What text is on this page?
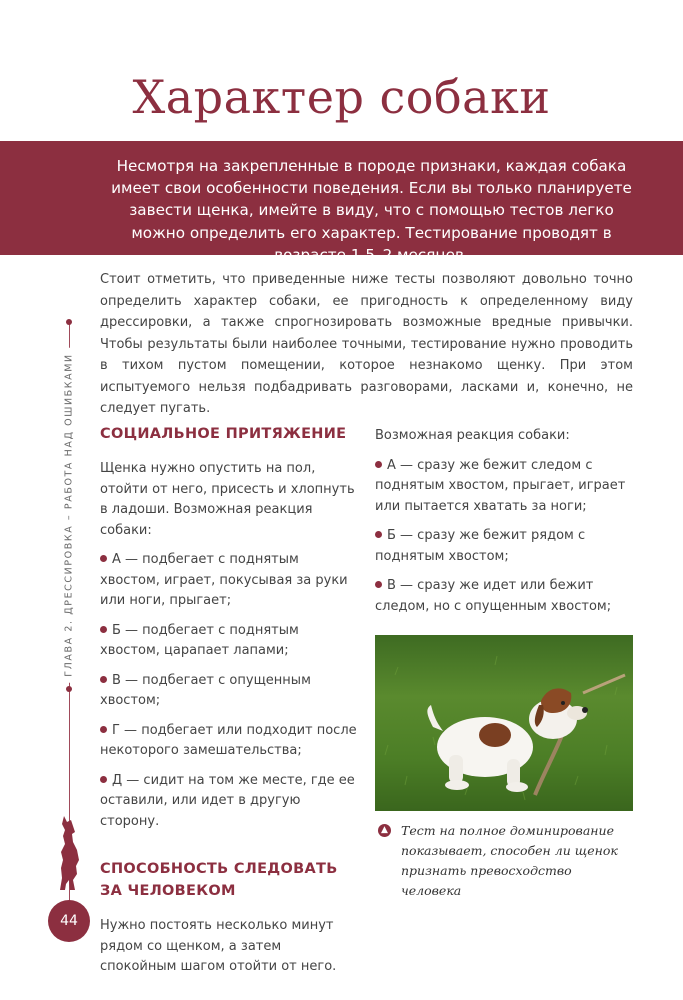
Характер собаки

Несмотря на закрепленные в породе признаки, каждая собака имеет свои особенности поведения. Если вы только планируете завести щенка, имейте в виду, что с помощью тестов легко можно определить его характер. Тестирование проводят в возрасте 1,5–2 месяцев.

ГЛАВА 2. ДРЕССИРОВКА – РАБОТА НАД ОШИБКАМИ
44

Стоит отметить, что приведенные ниже тесты позволяют довольно точно определить характер собаки, ее пригодность к определенному виду дрессировки, а также спрогнозировать возможные вредные привычки. Чтобы результаты были наиболее точными, тестирование нужно проводить в тихом пустом помещении, которое незнакомо щенку. При этом испытуемого нельзя подбадривать разговорами, ласками и, конечно, не следует пугать.

СОЦИАЛЬНОЕ ПРИТЯЖЕНИЕ

Щенка нужно опустить на пол, отойти от него, присесть и хлопнуть в ладоши. Возможная реакция собаки:

А — подбегает с поднятым хвостом, играет, покусывая за руки или ноги, прыгает;

Б — подбегает с поднятым хвостом, царапает лапами;

В — подбегает с опущенным хвостом;

Г — подбегает или подходит после некоторого замешательства;

Д — сидит на том же месте, где ее оставили, или идет в другую сторону.

СПОСОБНОСТЬ СЛЕДОВАТЬ ЗА ЧЕЛОВЕКОМ

Нужно постоять несколько минут рядом со щенком, а затем спокойным шагом отойти от него.

Возможная реакция собаки:

А — сразу же бежит следом с поднятым хвостом, прыгает, играет или пытается хватать за ноги;

Б — сразу же бежит рядом с поднятым хвостом;

В — сразу же идет или бежит следом, но с опущенным хвостом;

▲ Тест на полное доминирование показывает, способен ли щенок признать превосходство человека
